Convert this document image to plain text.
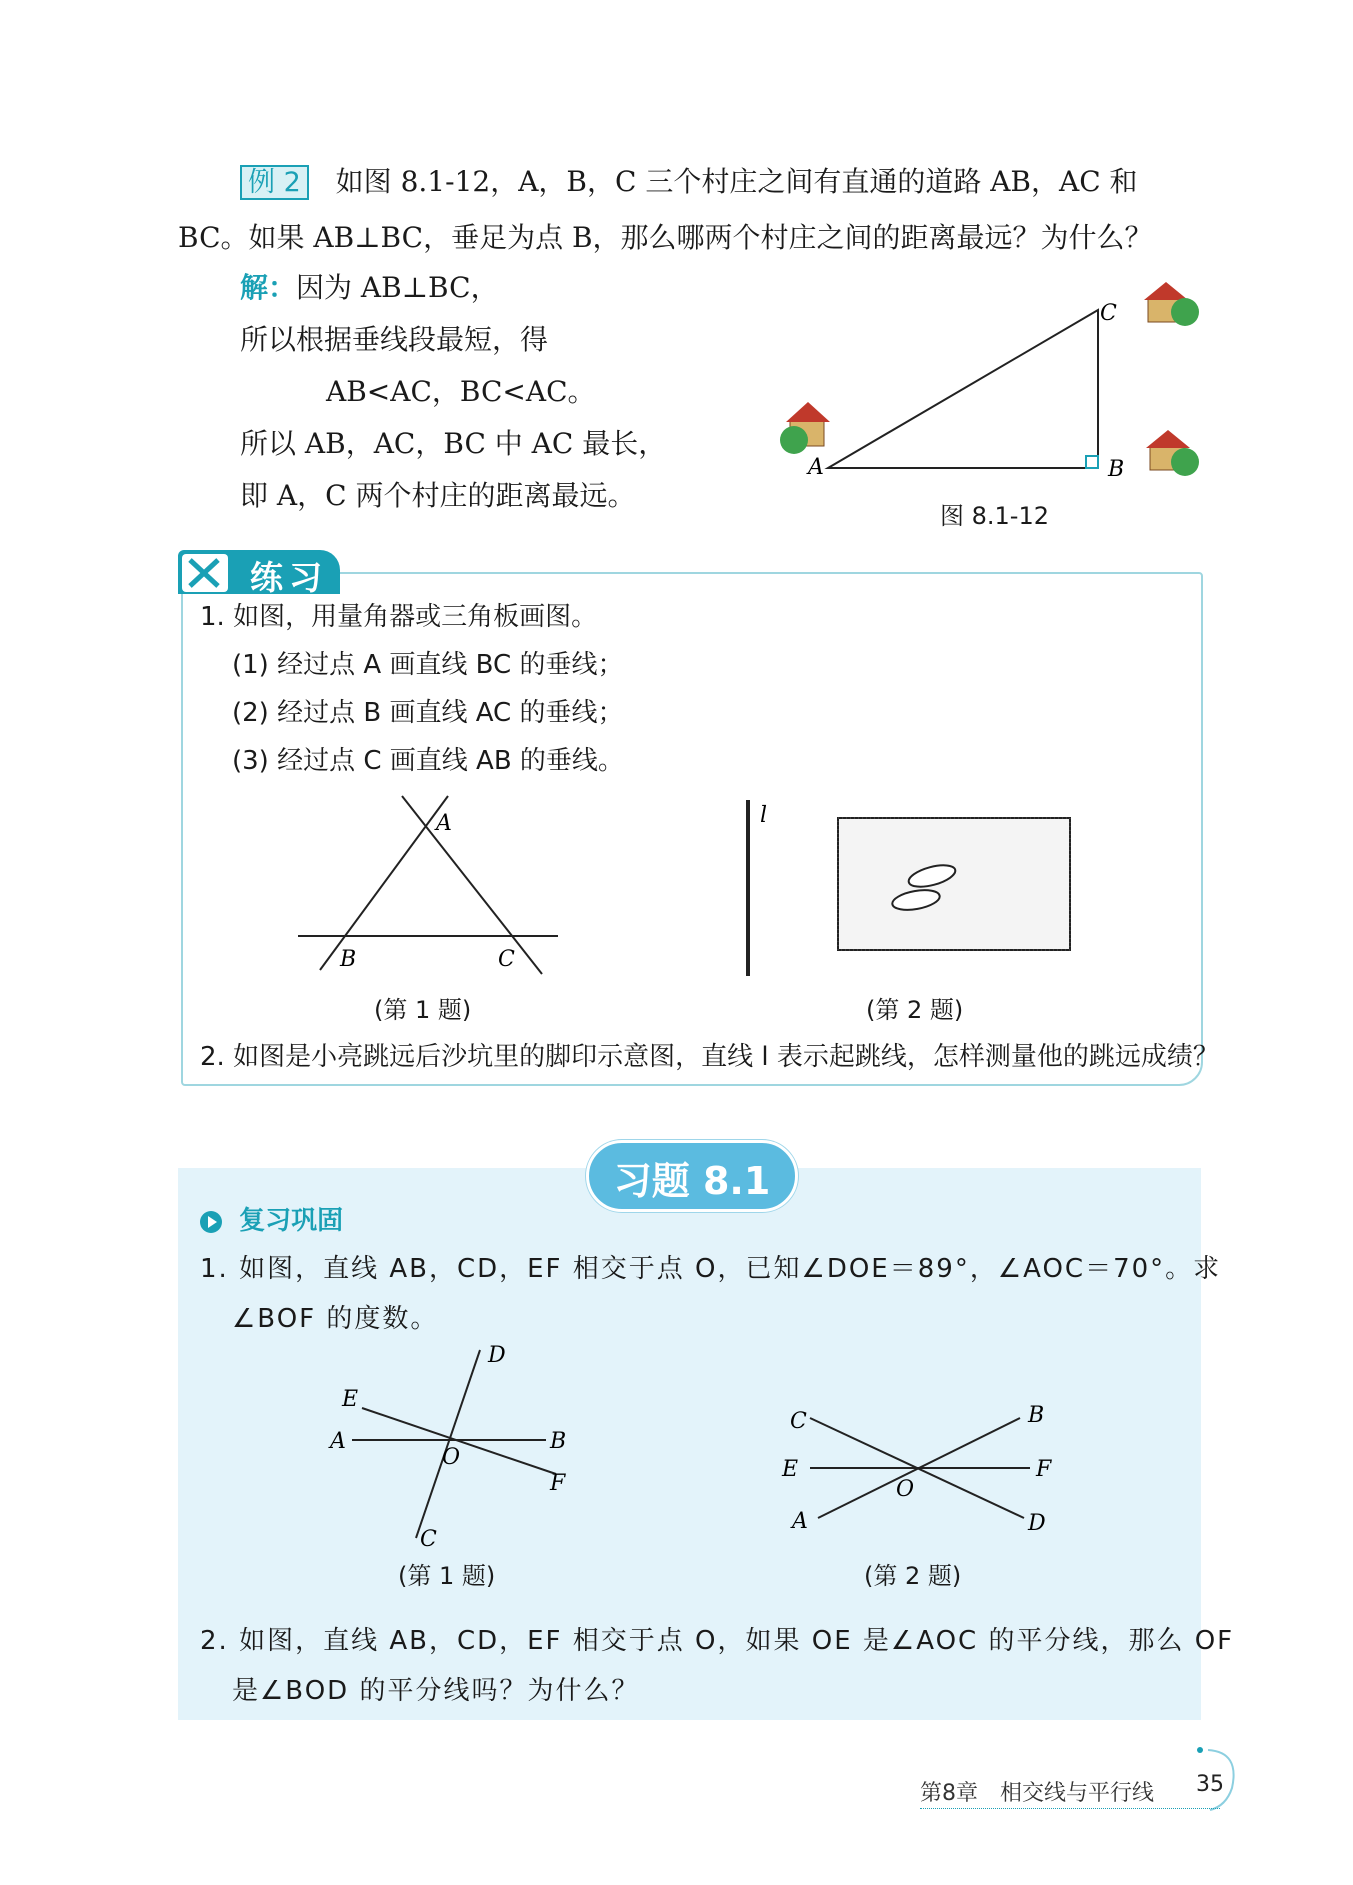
例 2 如图 8.1-12，A，B，C 三个村庄之间有直通的道路 AB，AC 和
BC。如果 AB⊥BC，垂足为点 B，那么哪两个村庄之间的距离最远？为什么？
解：因为 AB⊥BC，
所以根据垂线段最短，得
AB<AC，BC<AC。
所以 AB，AC，BC 中 AC 最长，
即 A，C 两个村庄的距离最远。
A	B
C
图 8.1-12
练习
1. 如图，用量角器或三角板画图。
(1) 经过点 A 画直线 BC 的垂线；
(2) 经过点 B 画直线 AC 的垂线；
(3) 经过点 C 画直线 AB 的垂线。
A
B	C
(第 1 题)
l
(第 2 题)
2. 如图是小亮跳远后沙坑里的脚印示意图，直线 l 表示起跳线，怎样测量他的跳远成绩？
习题 8.1
复习巩固
1. 如图，直线 AB，CD，EF 相交于点 O，已知∠DOE＝89°，∠AOC＝70°。求
∠BOF 的度数。
A	B
C
D
E
F
O
(第 1 题)
A
B
C
D
E	F
O
(第 2 题)
2. 如图，直线 AB，CD，EF 相交于点 O，如果 OE 是∠AOC 的平分线，那么 OF
是∠BOD 的平分线吗？为什么？
第8章　相交线与平行线 35
